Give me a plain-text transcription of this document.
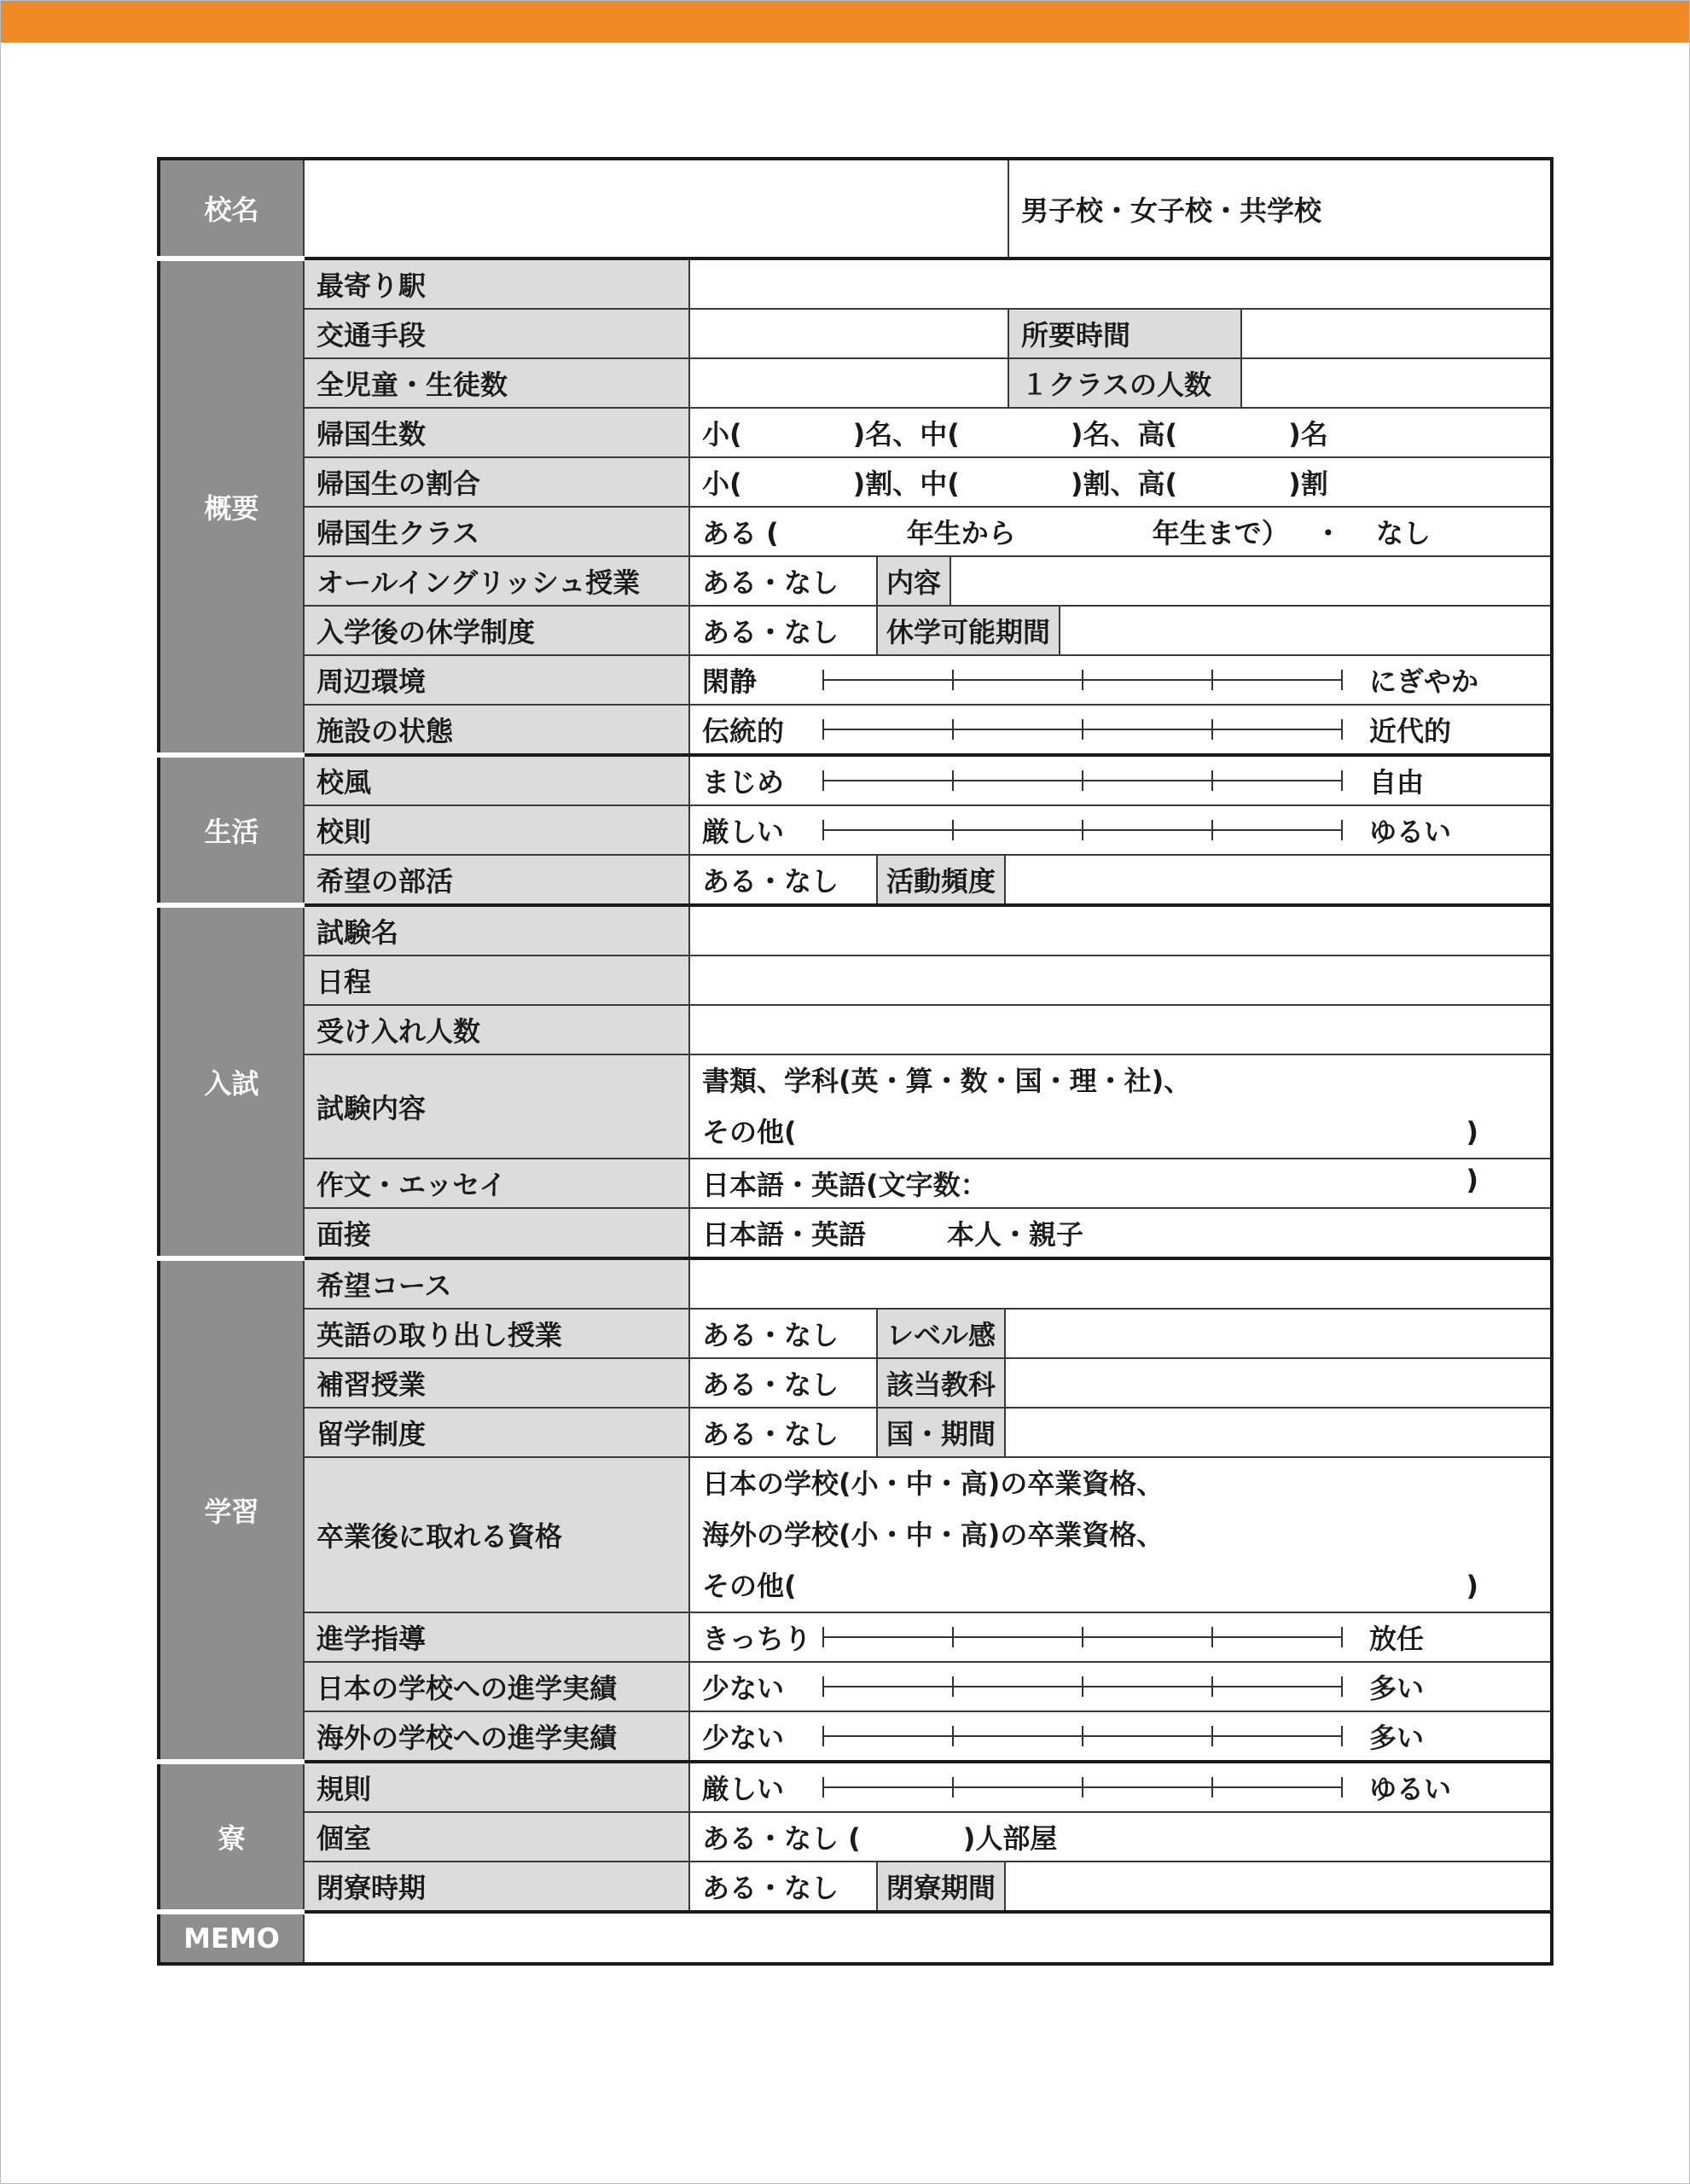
校名			男子校・女子校・共学校	
概要	最寄り駅			
	交通手段		所要時間	
	全児童・生徒数		１クラスの人数	
	帰国生数	小( )名、中( )名、高( )名		
	帰国生の割合	小( )割、中( )割、高( )割		
	帰国生クラス	ある ( 年生から 年生まで） ・ なし		
	オールイングリッシュ授業	ある・なし 内容		

	入学後の休学制度	ある・なし 休学可能期間		

	周辺環境	閑静 にぎやか		

	施設の状態	伝統的 近代的		

生活	校風	まじめ 自由		

	校則	厳しい ゆるい		

	希望の部活	ある・なし 活動頻度		

入試	試験名			
	日程			
	受け入れ人数			
	試験内容	書類、学科(英・算・数・国・理・社)、
その他( )		

	作文・エッセイ	日本語・英語(文字数： )		

	面接	日本語・英語 本人・親子		
学習	希望コース			
	英語の取り出し授業	ある・なし レベル感		

	補習授業	ある・なし 該当教科		

	留学制度	ある・なし 国・期間		

	卒業後に取れる資格	日本の学校(小・中・高)の卒業資格、
海外の学校(小・中・高)の卒業資格、
その他( )		

	進学指導	きっちり 放任		

	日本の学校への進学実績	少ない 多い		

	海外の学校への進学実績	少ない 多い		

寮	規則	厳しい ゆるい		

	個室	ある・なし ( )人部屋		
	閉寮時期	ある・なし 閉寮期間		

MEMO				
